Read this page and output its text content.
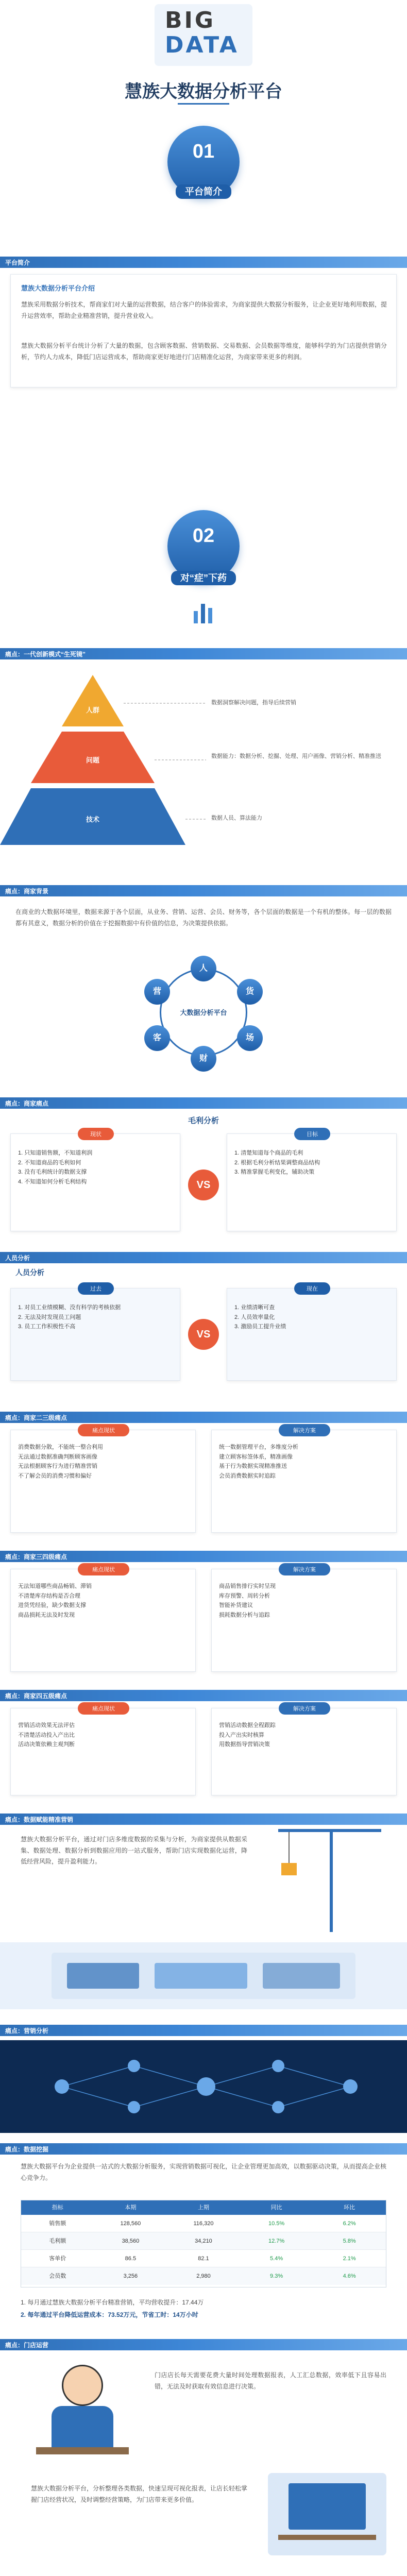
BIG
DATA
慧族大数据分析平台
01
平台简介
平台简介
慧族大数据分析平台介绍
慧族采用数据分析技术，帮商家们对大量的运营数据，结合客户的体验需求，为商家提供大数据分析服务，让企业更好地利用数据，提升运营效率，帮助企业精准营销，提升营业收入。
慧族大数据分析平台统计分析了大量的数据，包含顾客数据、营销数据、交易数据、会员数据等维度，能够科学的为门店提供营销分析，节约人力成本，降低门店运营成本，帮助商家更好地进行门店精准化运营，为商家带来更多的利润。
02
对“症”下药
痛点：一代创新模式“生死镜”
人群
问题
技术
数据洞察解决问题，指导后续营销
数据能力：数据分析、挖掘、处理、用户画像、营销分析、精准推送
数据人员、算法能力
痛点：商家背景
在商业的大数据环境里，数据来源于各个层面，从业务、营销、运营、会员、财务等，各个层面的数据是一个有机的整体。每一层的数据都有其意义，数据分析的价值在于挖掘数据中有价值的信息，为决策提供依据。
大数据分析平台
人
货
场
财
客
营
痛点：商家痛点
毛利分析
现状
1. 只知道销售额，不知道利润
2. 不知道商品的毛利如何
3. 没有毛利统计的数据支撑
4. 不知道如何分析毛利结构	VS
目标
1. 清楚知道每个商品的毛利
2. 根据毛利分析结果调整商品结构
3. 精准掌握毛利变化，辅助决策
人员分析
人员分析
过去
1. 对员工业绩模糊、没有科学的考核依据
2. 无法及时发现员工问题
3. 员工工作积极性不高
VS
现在
1. 业绩清晰可查
2. 人员效率量化
3. 激励员工提升业绩
痛点：商家二三级痛点
痛点现状
消费数据分散，不能统一整合利用
无法通过数据准确判断顾客画像
无法根据顾客行为进行精准营销
不了解会员的消费习惯和偏好
解决方案
统一数据管理平台，多维度分析
建立顾客标签体系，精准画像
基于行为数据实现精准推送
会员消费数据实时追踪
痛点：商家三四级痛点
痛点现状
无法知道哪些商品畅销、滞销
不清楚库存结构是否合理
进货凭经验，缺少数据支撑
商品损耗无法及时发现
解决方案
商品销售排行实时呈现
库存预警、周转分析
智能补货建议
损耗数据分析与追踪
痛点：商家四五级痛点
痛点现状
营销活动效果无法评估
不清楚活动投入产出比
活动决策依赖主观判断
解决方案
营销活动数据全程跟踪
投入产出实时核算
用数据指导营销决策
痛点：数据赋能精准营销
慧族大数据分析平台，通过对门店多维度数据的采集与分析，为商家提供从数据采集、数据处理、数据分析到数据应用的一站式服务，帮助门店实现数据化运营，降低经营风险，提升盈利能力。
痛点：营销分析
痛点：数据挖掘
慧族大数据平台为企业提供一站式的大数据分析服务，实现营销数据可视化，让企业管理更加高效，以数据驱动决策，从而提高企业核心竞争力。
指标	本期	上期	同比	环比
销售额	128,560	116,320	10.5%	6.2%
毛利额	38,560	34,210	12.7%	5.8%
客单价	86.5	82.1	5.4%	2.1%
会员数	3,256	2,980	9.3%	4.6%
1. 每月通过慧族大数据分析平台精准营销，平均营收提升：17.44万
2. 每年通过平台降低运营成本：73.52万元，节省工时：14万小时
痛点：门店运营
门店店长每天需要花费大量时间处理数据报表，人工汇总数据，效率低下且容易出错，无法及时获取有效信息进行决策。
慧族大数据分析平台，分析整理各类数据，快速呈现可视化报表，让店长轻松掌握门店经营状况，及时调整经营策略，为门店带来更多价值。
